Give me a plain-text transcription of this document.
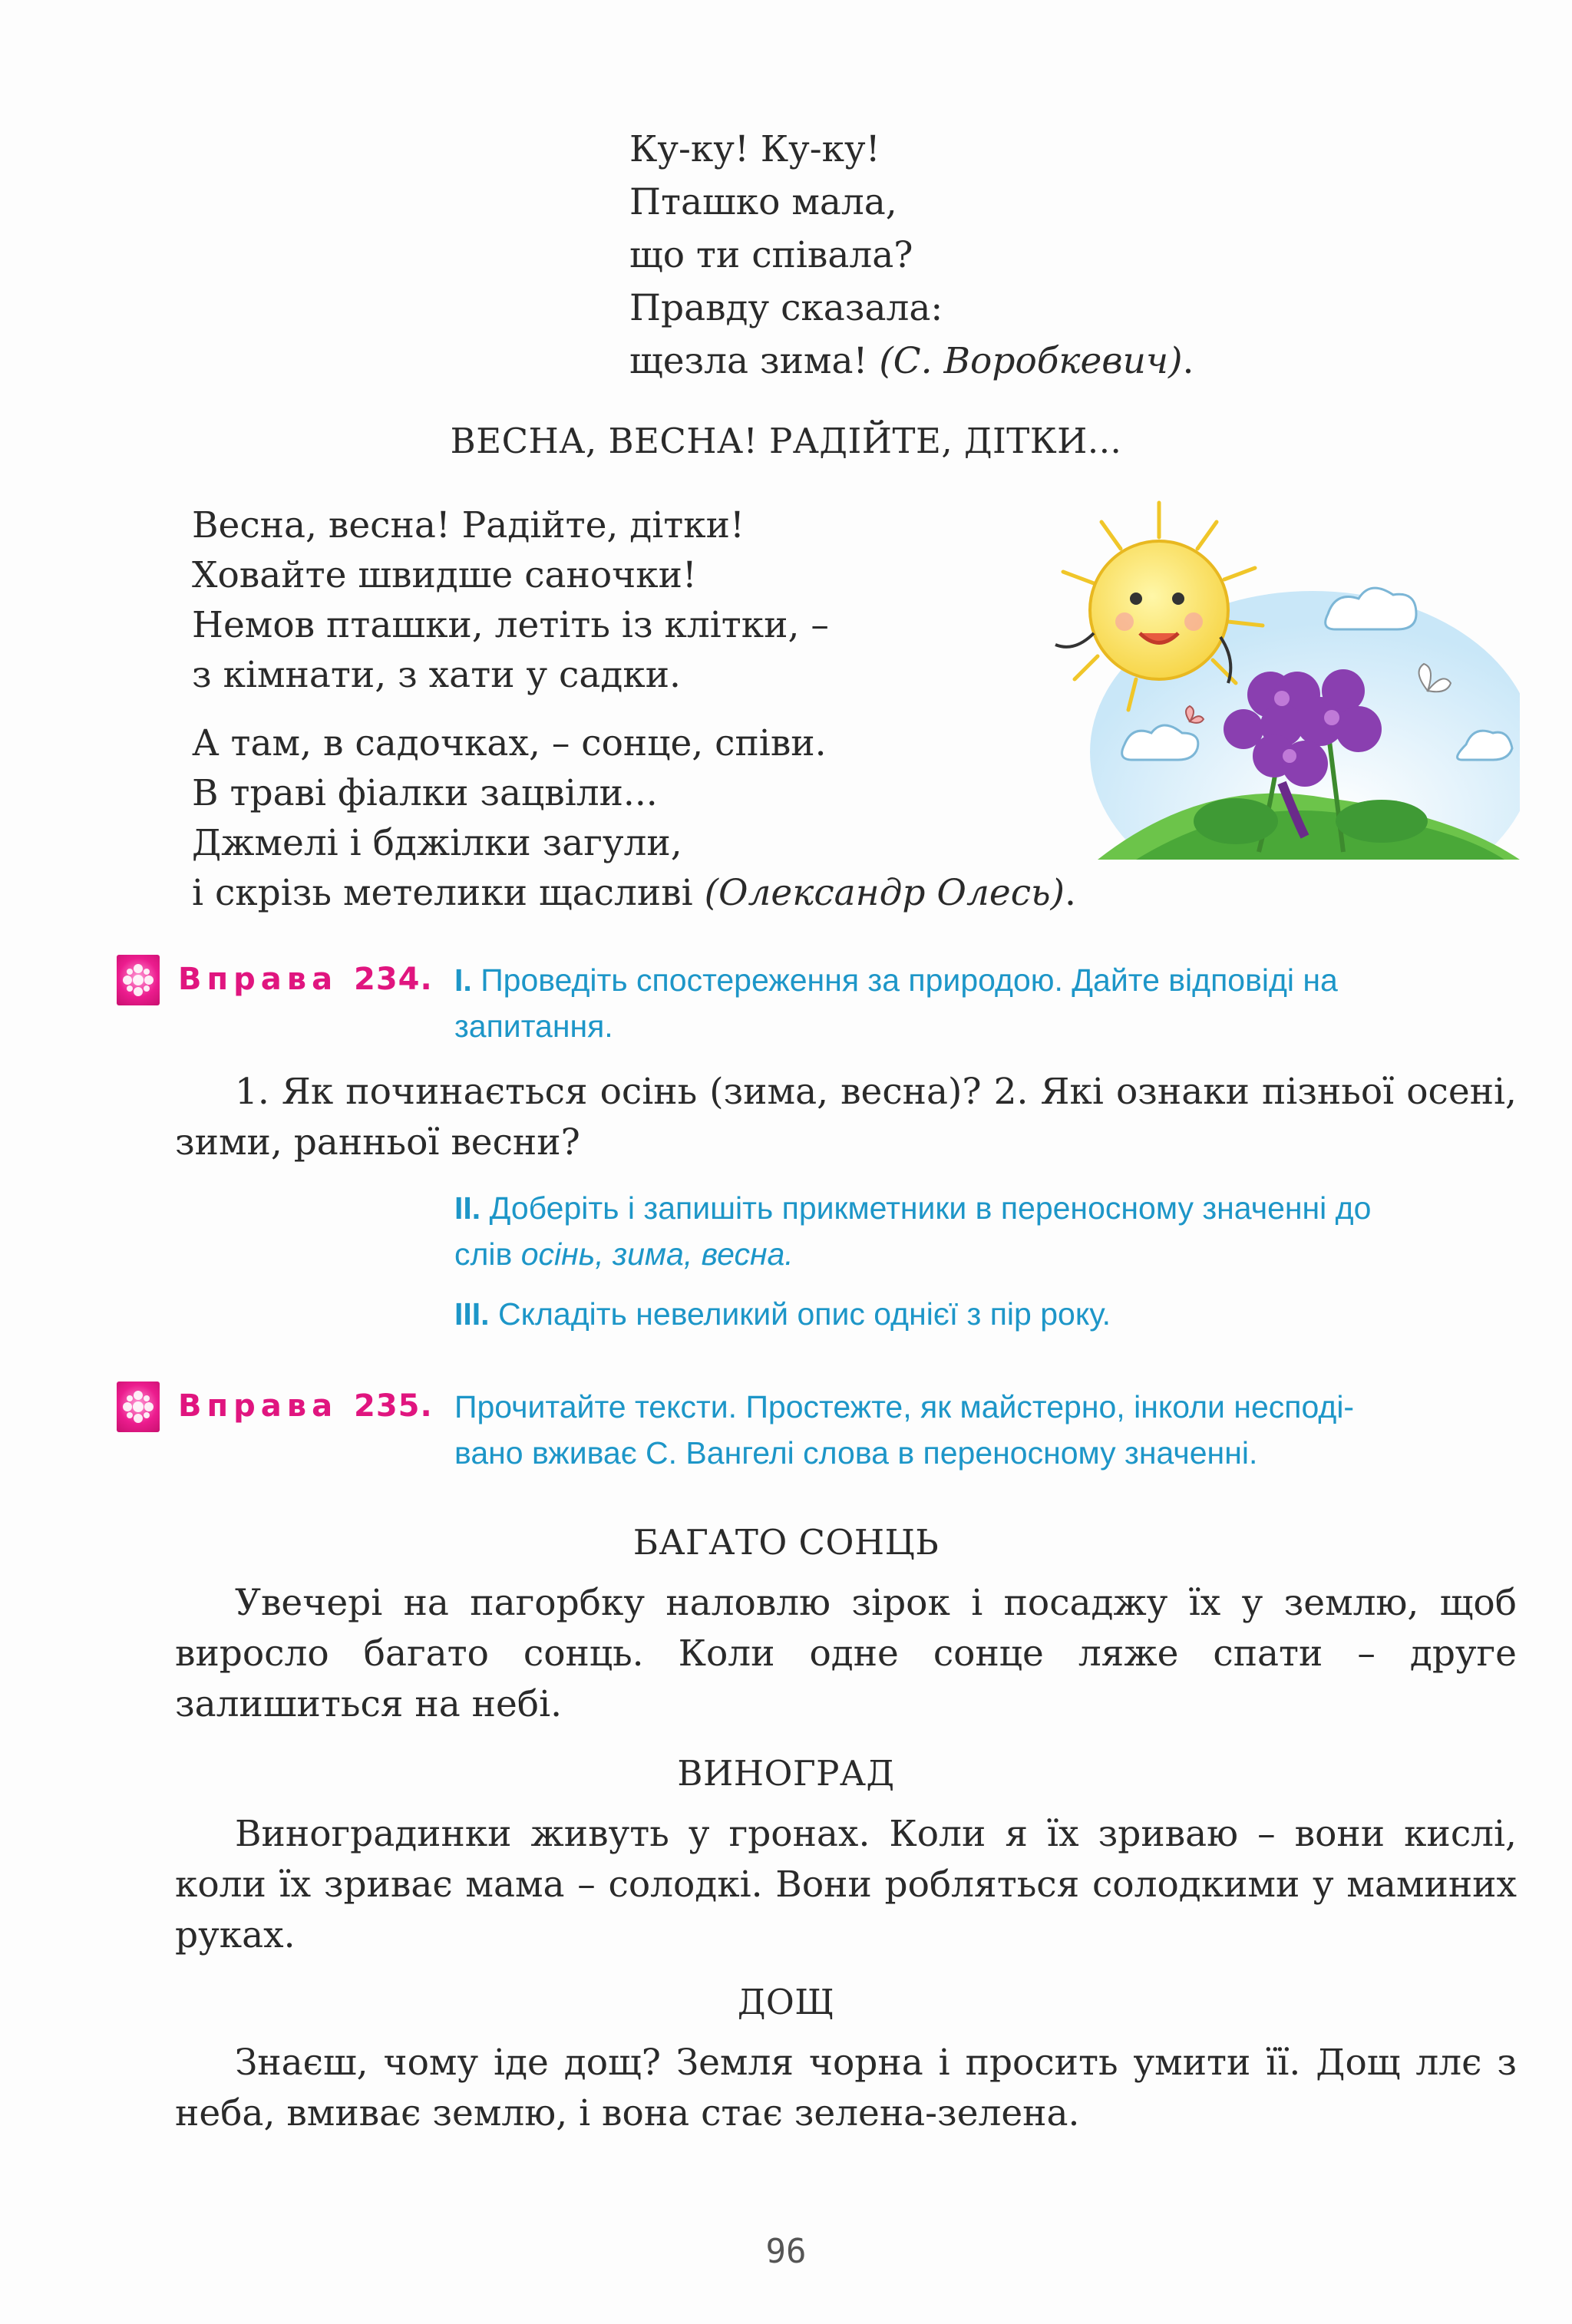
Ку-ку! Ку-ку!
Пташко мала,
що ти співала?
Правду сказала:
щезла зима! (С. Воробкевич).
ВЕСНА, ВЕСНА! РАДІЙТЕ, ДІТКИ...
Весна, весна! Радійте, дітки!
Ховайте швидше саночки!
Немов пташки, летіть із клітки, –
з кімнати, з хати у садки.
А там, в садочках, – сонце, співи.
В траві фіалки зацвіли...
Джмелі і бджілки загули,
і скрізь метелики щасливі (Олександр Олесь).
Вправа 234. І. Проведіть спостереження за природою. Дайте відповіді на
запитання.
1. Як починається осінь (зима, весна)? 2. Які ознаки пізньої осені, зими, ранньої весни?
ІІ. Доберіть і запишіть прикметники в переносному значенні до
слів осінь, зима, весна.
ІІІ. Складіть невеликий опис однієї з пір року.
Вправа 235. Прочитайте тексти. Простежте, як майстерно, інколи несподі-
вано вживає С. Вангелі слова в переносному значенні.
БАГАТО СОНЦЬ
Увечері на пагорбку наловлю зірок і посаджу їх у землю, щоб виросло багато сонць. Коли одне сонце ляже спати – друге залишиться на небі.
ВИНОГРАД
Виноградинки живуть у гронах. Коли я їх зриваю – вони кислі, коли їх зриває мама – солодкі. Вони робляться солодкими у маминих руках.
ДОЩ
Знаєш, чому іде дощ? Земля чорна і просить умити її. Дощ ллє з неба, вмиває землю, і вона стає зелена-зелена.
96
